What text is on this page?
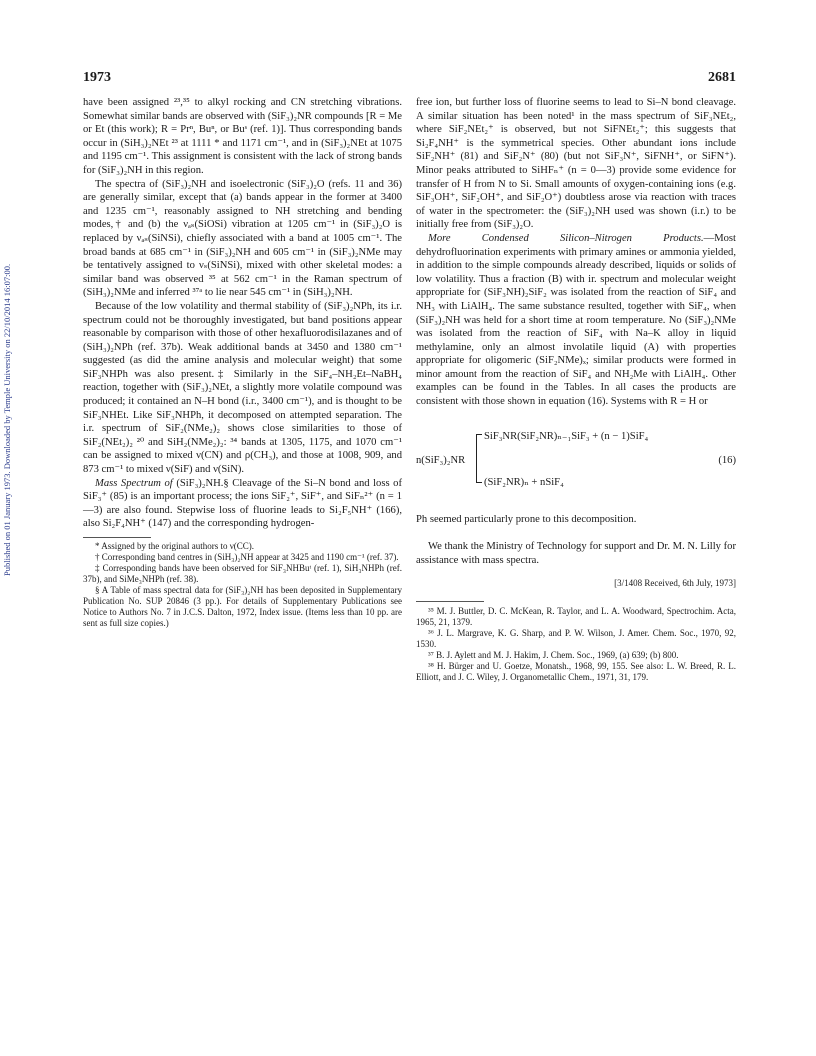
1973	2681
Published on 01 January 1973. Downloaded by Temple University on 22/10/2014 16:07:00.

have been assigned ²³,³⁵ to alkyl rocking and CN stretching vibrations. Somewhat similar bands are observed with (SiF₃)₂NR compounds [R = Me or Et (this work); R = Prⁿ, Buⁿ, or Buˢ (ref. 1)]. Thus corresponding bands occur in (SiH₃)₂NEt ²³ at 1111 * and 1171 cm⁻¹, and in (SiF₃)₂NEt at 1075 and 1195 cm⁻¹. This assignment is consistent with the lack of strong bands for (SiF₃)₂NH in this region.

The spectra of (SiF₃)₂NH and isoelectronic (SiF₃)₂O (refs. 11 and 36) are generally similar, except that (a) bands appear in the former at 3400 and 1235 cm⁻¹, reasonably assigned to NH stretching and bending modes,† and (b) the νₐₛ(SiOSi) vibration at 1205 cm⁻¹ in (SiF₃)₂O is replaced by νₐₛ(SiNSi), chiefly associated with a band at 1005 cm⁻¹. The broad bands at 685 cm⁻¹ in (SiF₃)₂NH and 605 cm⁻¹ in (SiF₃)₂NMe may be tentatively assigned to νₛ(SiNSi), mixed with other skeletal modes: a similar band was observed ³⁵ at 562 cm⁻¹ in the Raman spectrum of (SiH₃)₂NMe and inferred ³⁷ᵃ to lie near 545 cm⁻¹ in (SiH₃)₂NH.

Because of the low volatility and thermal stability of (SiF₃)₂NPh, its i.r. spectrum could not be thoroughly investigated, but band positions appear reasonable by comparison with those of other hexafluorodisilazanes and of (SiH₃)₂NPh (ref. 37b). Weak additional bands at 3450 and 1380 cm⁻¹ suggested (as did the amine analysis and molecular weight) that some SiF₃NHPh was also present.‡ Similarly in the SiF₄–NH₂Et–NaBH₄ reaction, together with (SiF₃)₂NEt, a slightly more volatile compound was produced; it contained an N–H bond (i.r., 3400 cm⁻¹), and is thought to be SiF₃NHEt. Like SiF₃NHPh, it decomposed on attempted separation. The i.r. spectrum of SiF₂(NMe₂)₂ shows close similarities to those of SiF₂(NEt₂)₂ ²⁰ and SiH₂(NMe₂)₂: ³⁴ bands at 1305, 1175, and 1070 cm⁻¹ can be assigned to mixed ν(CN) and ρ(CH₃), and those at 1008, 909, and 873 cm⁻¹ to mixed ν(SiF) and ν(SiN).

Mass Spectrum of (SiF₃)₂NH.§ Cleavage of the Si–N bond and loss of SiF₃⁺ (85) is an important process; the ions SiF₂⁺, SiF⁺, and SiFₙ²⁺ (n = 1—3) are also found. Stepwise loss of fluorine leads to Si₂F₅NH⁺ (166), also Si₂F₄NH⁺ (147) and the corresponding hydrogen-

* Assigned by the original authors to ν(CC).

† Corresponding band centres in (SiH₃)₂NH appear at 3425 and 1190 cm⁻¹ (ref. 37).

‡ Corresponding bands have been observed for SiF₃NHBuᵗ (ref. 1), SiH₃NHPh (ref. 37b), and SiMe₃NHPh (ref. 38).

§ A Table of mass spectral data for (SiF₃)₂NH has been deposited in Supplementary Publication No. SUP 20846 (3 pp.). For details of Supplementary Publications see Notice to Authors No. 7 in J.C.S. Dalton, 1972, Index issue. (Items less than 10 pp. are sent as full size copies.)

free ion, but further loss of fluorine seems to lead to Si–N bond cleavage. A similar situation has been noted¹ in the mass spectrum of SiF₃NEt₂, where SiF₂NEt₂⁺ is observed, but not SiFNEt₂⁺; this suggests that Si₂F₄NH⁺ is the symmetrical species. Other abundant ions include SiF₂NH⁺ (81) and SiF₂N⁺ (80) (but not SiF₃N⁺, SiFNH⁺, or SiFN⁺). Minor peaks attributed to SiHFₙ⁺ (n = 0—3) provide some evidence for transfer of H from N to Si. Small amounts of oxygen-containing ions (e.g. SiF₃OH⁺, SiF₂OH⁺, and SiF₂O⁺) doubtless arose via reaction with traces of water in the spectrometer: the (SiF₃)₂NH used was shown (i.r.) to be initially free from (SiF₃)₂O.

More Condensed Silicon–Nitrogen Products.—Most dehydrofluorination experiments with primary amines or ammonia yielded, in addition to the simple compounds already described, liquids or solids of low volatility. Thus a fraction (B) with ir. spectrum and molecular weight appropriate for (SiF₃NH)₂SiF₂ was isolated from the reaction of SiF₄ and NH₃ with LiAlH₄. The same substance resulted, together with SiF₄, when (SiF₃)₂NH was held for a short time at room temperature. No (SiF₃)₂NMe was isolated from the reaction of SiF₄ with Na–K alloy in liquid methylamine, only an almost involatile liquid (A) with properties appropriate for oligomeric (SiF₂NMe)ₓ; similar products were formed in minor amount from the reaction of SiF₄ and NH₂Me with LiAlH₄. Other examples can be found in the Tables. In all cases the products are consistent with those shown in equation (16). Systems with R = H or

n(SiF₃)₂NR
SiF₃NR(SiF₂NR)ₙ₋₁SiF₃ + (n − 1)SiF₄
(SiF₂NR)ₙ + nSiF₄
(16)

Ph seemed particularly prone to this decomposition.

We thank the Ministry of Technology for support and Dr. M. N. Lilly for assistance with mass spectra.

[3/1408 Received, 6th July, 1973]

³⁵ M. J. Buttler, D. C. McKean, R. Taylor, and L. A. Woodward, Spectrochim. Acta, 1965, 21, 1379.

³⁶ J. L. Margrave, K. G. Sharp, and P. W. Wilson, J. Amer. Chem. Soc., 1970, 92, 1530.

³⁷ B. J. Aylett and M. J. Hakim, J. Chem. Soc., 1969, (a) 639; (b) 800.

³⁸ H. Bürger and U. Goetze, Monatsh., 1968, 99, 155. See also: L. W. Breed, R. L. Elliott, and J. C. Wiley, J. Organometallic Chem., 1971, 31, 179.
